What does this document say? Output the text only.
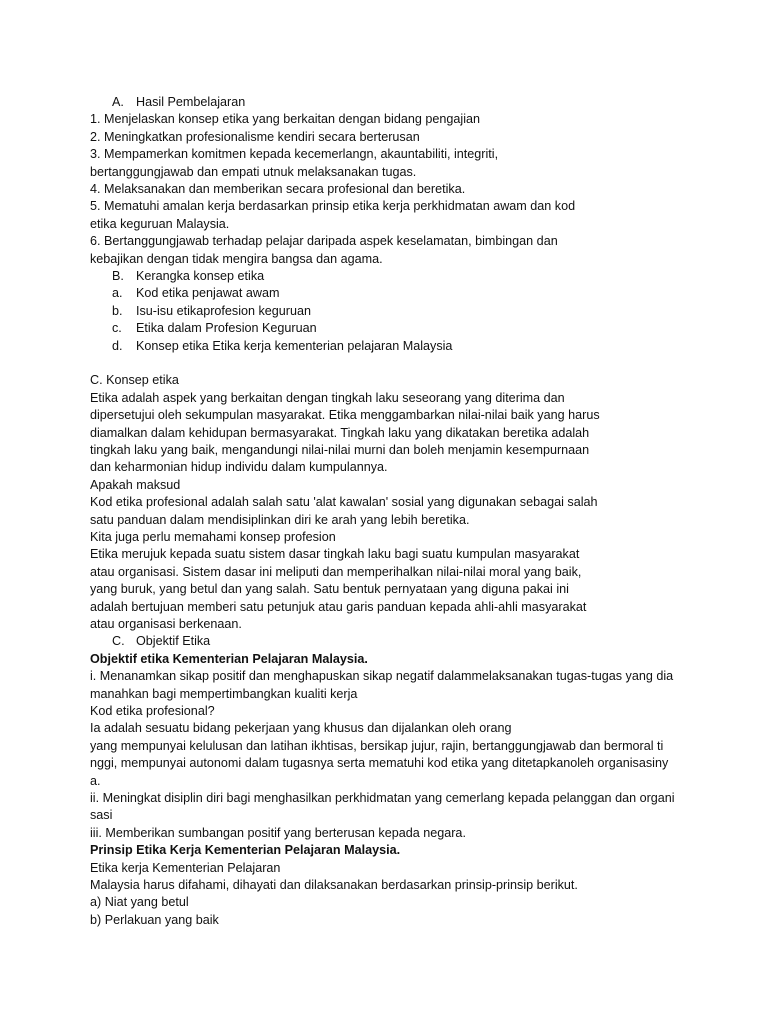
A. Hasil Pembelajaran
1. Menjelaskan konsep etika yang berkaitan dengan bidang pengajian
2. Meningkatkan profesionalisme kendiri secara berterusan
3. Mempamerkan komitmen kepada kecemerlangn, akauntabiliti, integriti,
bertanggungjawab dan empati utnuk melaksanakan tugas.
4. Melaksanakan dan memberikan secara profesional dan beretika.
5. Mematuhi amalan kerja berdasarkan prinsip etika kerja perkhidmatan awam dan kod
etika keguruan Malaysia.
6. Bertanggungjawab terhadap pelajar daripada aspek keselamatan, bimbingan dan
kebajikan dengan tidak mengira bangsa dan agama.
B. Kerangka konsep etika
a. Kod etika penjawat awam
b. Isu-isu etikaprofesion keguruan
c. Etika dalam Profesion Keguruan
d. Konsep etika Etika kerja kementerian pelajaran Malaysia
C. Konsep etika
Etika adalah aspek yang berkaitan dengan tingkah laku seseorang yang diterima dan
dipersetujui oleh sekumpulan masyarakat. Etika menggambarkan nilai-nilai baik yang harus
diamalkan dalam kehidupan bermasyarakat. Tingkah laku yang dikatakan beretika adalah
tingkah laku yang baik, mengandungi nilai-nilai murni dan boleh menjamin kesempurnaan
dan keharmonian hidup individu dalam kumpulannya.
Apakah maksud
Kod etika profesional adalah salah satu 'alat kawalan' sosial yang digunakan sebagai salah
satu panduan dalam mendisiplinkan diri ke arah yang lebih beretika.
Kita juga perlu memahami konsep profesion
Etika merujuk kepada suatu sistem dasar tingkah laku bagi suatu kumpulan masyarakat
atau organisasi. Sistem dasar ini meliputi dan memperihalkan nilai-nilai moral yang baik,
yang buruk, yang betul dan yang salah. Satu bentuk pernyataan yang diguna pakai ini
adalah bertujuan memberi satu petunjuk atau garis panduan kepada ahli-ahli masyarakat
atau organisasi berkenaan.
C. Objektif Etika
Objektif etika Kementerian Pelajaran Malaysia.
i. Menanamkan sikap positif dan menghapuskan sikap negatif dalammelaksanakan tugas-tugas yang dia
manahkan bagi mempertimbangkan kualiti kerja
Kod etika profesional?
Ia adalah sesuatu bidang pekerjaan yang khusus dan dijalankan oleh orang
yang mempunyai kelulusan dan latihan ikhtisas, bersikap jujur, rajin, bertanggungjawab dan bermoral ti
nggi, mempunyai autonomi dalam tugasnya serta mematuhi kod etika yang ditetapkanoleh organisasiny
a.
ii. Meningkat disiplin diri bagi menghasilkan perkhidmatan yang cemerlang kepada pelanggan dan organi
sasi
iii. Memberikan sumbangan positif yang berterusan kepada negara.
Prinsip Etika Kerja Kementerian Pelajaran Malaysia.
Etika kerja Kementerian Pelajaran
Malaysia harus difahami, dihayati dan dilaksanakan berdasarkan prinsip-prinsip berikut.
a) Niat yang betul
b) Perlakuan yang baik
